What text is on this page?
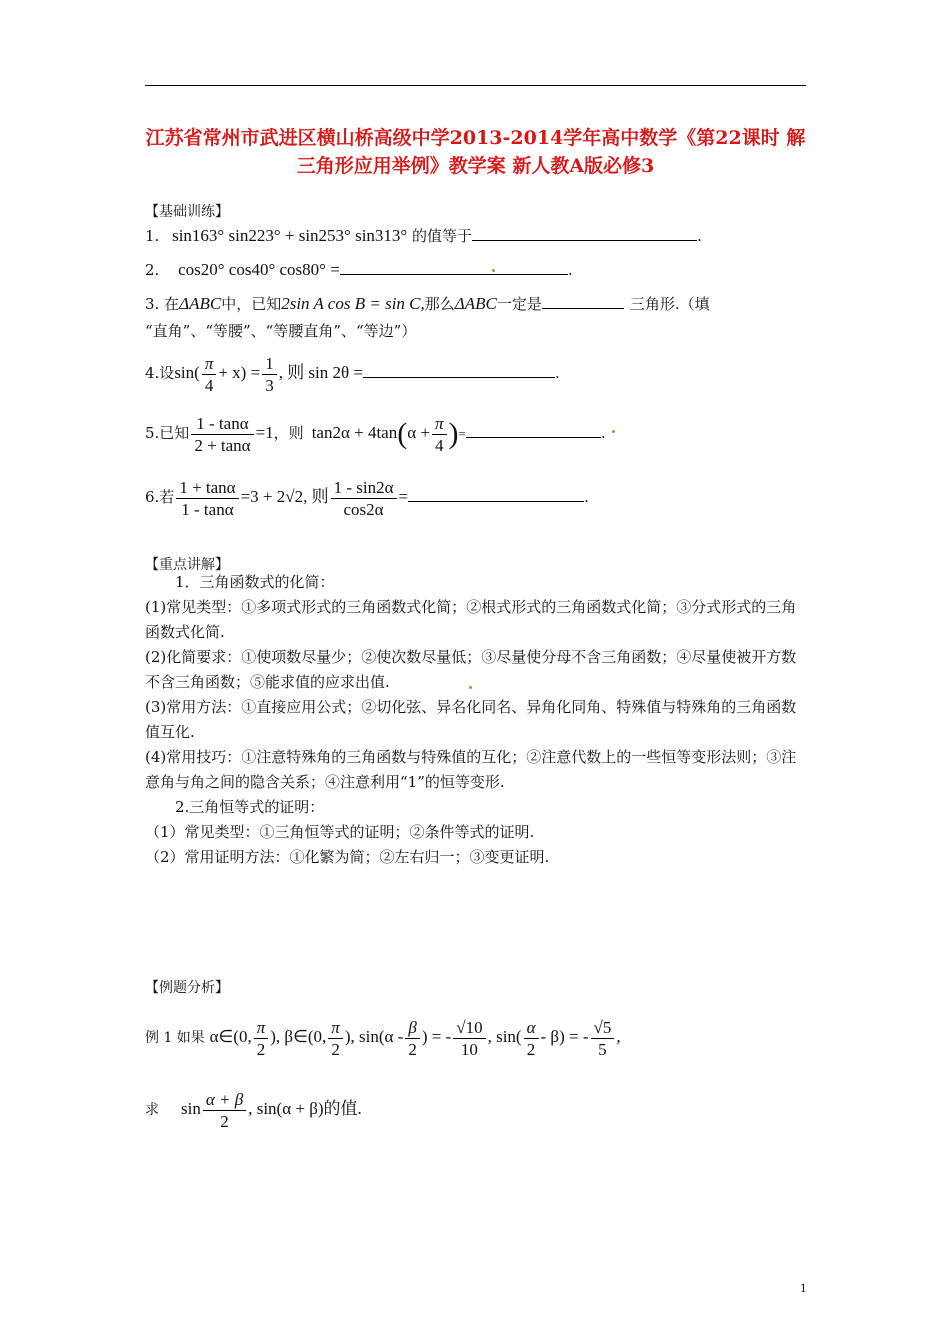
江苏省常州市武进区横山桥高级中学2013-2014学年高中数学《第22课时 解三角形应用举例》教学案 新人教A版必修3
【基础训练】
1. sin163° sin223° + sin253° sin313° 的值等于	.
2. cos20° cos40° cos80° =	.
3. 在ΔABC中，已知2sin A cos B = sin C,那么ΔABC一定是	三角形.（填
“直角”、“等腰”、“等腰直角”、“等边”）
4.设$\sin( \frac{\pi}{4} + x) = \frac{1}{3}$ , 则 sin 2θ =	.
5.已知 $\frac{1 - \tan\alpha}{2 + \tan\alpha} =1$，则 $\tan 2\alpha + 4\tan(\alpha + \frac{\pi}{4}$ )=	.
6.若 $\frac{1 + \tan\alpha}{1 - \tan\alpha} =3 + 2√2$, 则 $\frac{1 - \sin 2\alpha}{\cos 2\alpha}$ =	.
【重点讲解】
1．三角函数式的化简：
(1)常见类型：①多项式形式的三角函数式化简；②根式形式的三角函数式化简；③分式形式的三角函数式化简.
(2)化简要求：①使项数尽量少；②使次数尽量低；③尽量使分母不含三角函数；④尽量使被开方数不含三角函数；⑤能求值的应求出值.
(3)常用方法：①直接应用公式；②切化弦、异名化同名、异角化同角、特殊值与特殊角的三角函数值互化.
(4)常用技巧：①注意特殊角的三角函数与特殊值的互化；②注意代数上的一些恒等变形法则；③注意角与角之间的隐含关系；④注意利用“1”的恒等变形.
2.三角恒等式的证明：
（1）常见类型：①三角恒等式的证明；②条件等式的证明.
（2）常用证明方法：①化繁为简；②左右归一；③变更证明.
【例题分析】
例 1 如果 α∈(0, $\frac{\pi}{2}$ ), β∈(0, $\frac{\pi}{2}$ ), $\sin(\alpha - \frac{\beta}{2}$ ) = - $\frac{√10}{10}$ , $\sin( \frac{\alpha}{2} - \beta)$ = - $\frac{√5}{5}$ ,
求 $\sin \frac{\alpha + \beta}{2}$ , sin(α + β)的值.
1
